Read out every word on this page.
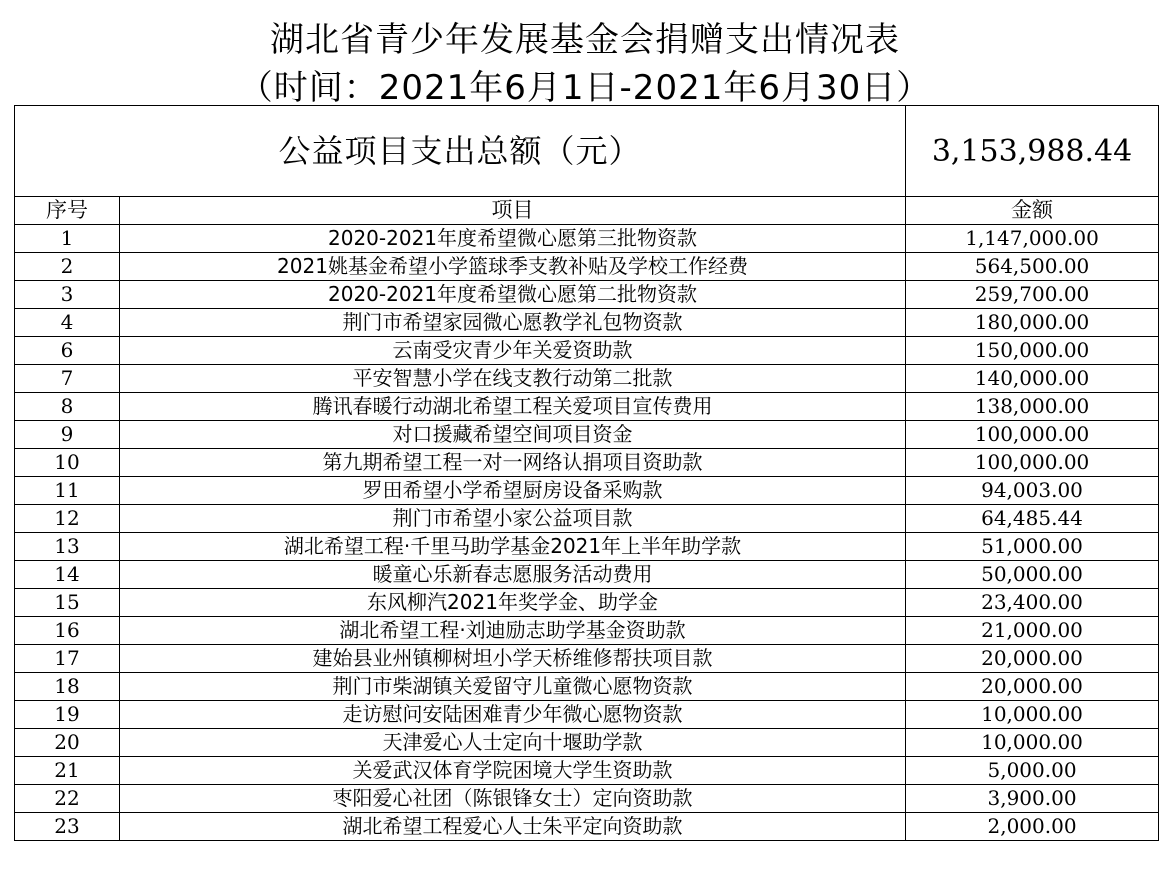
湖北省青少年发展基金会捐赠支出情况表
（时间：2021年6月1日-2021年6月30日）
公益项目支出总额（元）		3,153,988.44
序号	项目	金额
1	2020-2021年度希望微心愿第三批物资款	1,147,000.00
2	2021姚基金希望小学篮球季支教补贴及学校工作经费	564,500.00
3	2020-2021年度希望微心愿第二批物资款	259,700.00
4	荆门市希望家园微心愿教学礼包物资款	180,000.00
6	云南受灾青少年关爱资助款	150,000.00
7	平安智慧小学在线支教行动第二批款	140,000.00
8	腾讯春暖行动湖北希望工程关爱项目宣传费用	138,000.00
9	对口援藏希望空间项目资金	100,000.00
10	第九期希望工程一对一网络认捐项目资助款	100,000.00
11	罗田希望小学希望厨房设备采购款	94,003.00
12	荆门市希望小家公益项目款	64,485.44
13	湖北希望工程·千里马助学基金2021年上半年助学款	51,000.00
14	暖童心乐新春志愿服务活动费用	50,000.00
15	东风柳汽2021年奖学金、助学金	23,400.00
16	湖北希望工程·刘迪励志助学基金资助款	21,000.00
17	建始县业州镇柳树坦小学天桥维修帮扶项目款	20,000.00
18	荆门市柴湖镇关爱留守儿童微心愿物资款	20,000.00
19	走访慰问安陆困难青少年微心愿物资款	10,000.00
20	天津爱心人士定向十堰助学款	10,000.00
21	关爱武汉体育学院困境大学生资助款	5,000.00
22	枣阳爱心社团（陈银锋女士）定向资助款	3,900.00
23	湖北希望工程爱心人士朱平定向资助款	2,000.00
